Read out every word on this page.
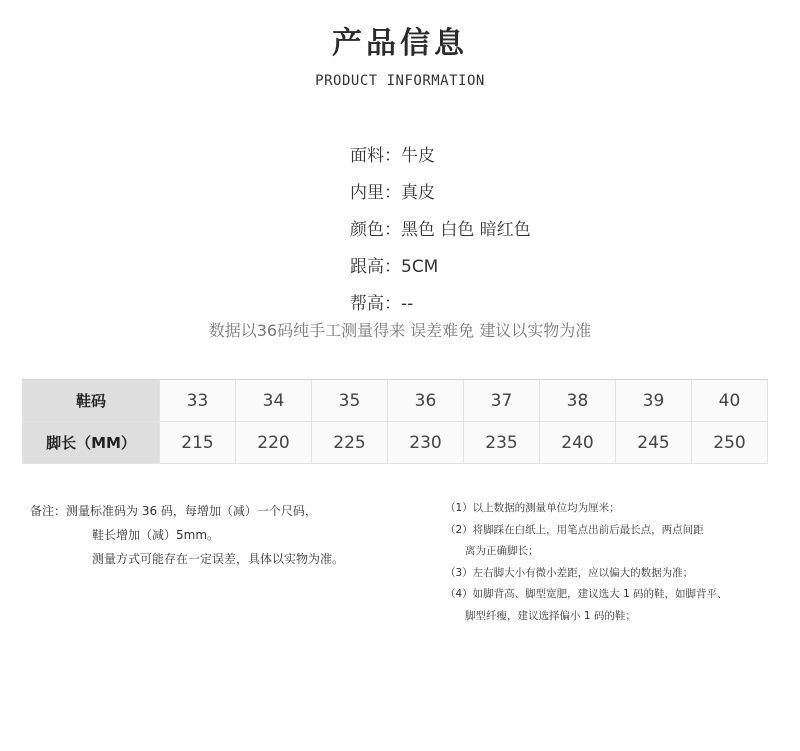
产品信息
PRODUCT INFORMATION
面料：牛皮
内里：真皮
颜色：黑色 白色 暗红色
跟高：5CM
帮高：--
数据以36码纯手工测量得来 误差难免 建议以实物为准
鞋码	33	34	35	36	37	38	39	40
脚长（MM）	215	220	225	230	235	240	245	250
备注：测量标准码为 36 码，每增加（减）一个尺码，
鞋长增加（减）5mm。
测量方式可能存在一定误差，具体以实物为准。
（1）以上数据的测量单位均为厘米；
（2）将脚踩在白纸上，用笔点出前后最长点，两点间距
离为正确脚长；
（3）左右脚大小有微小差距，应以偏大的数据为准；
（4）如脚背高、脚型宽肥，建议选大 1 码的鞋，如脚背平、
脚型纤瘦，建议选择偏小 1 码的鞋；
